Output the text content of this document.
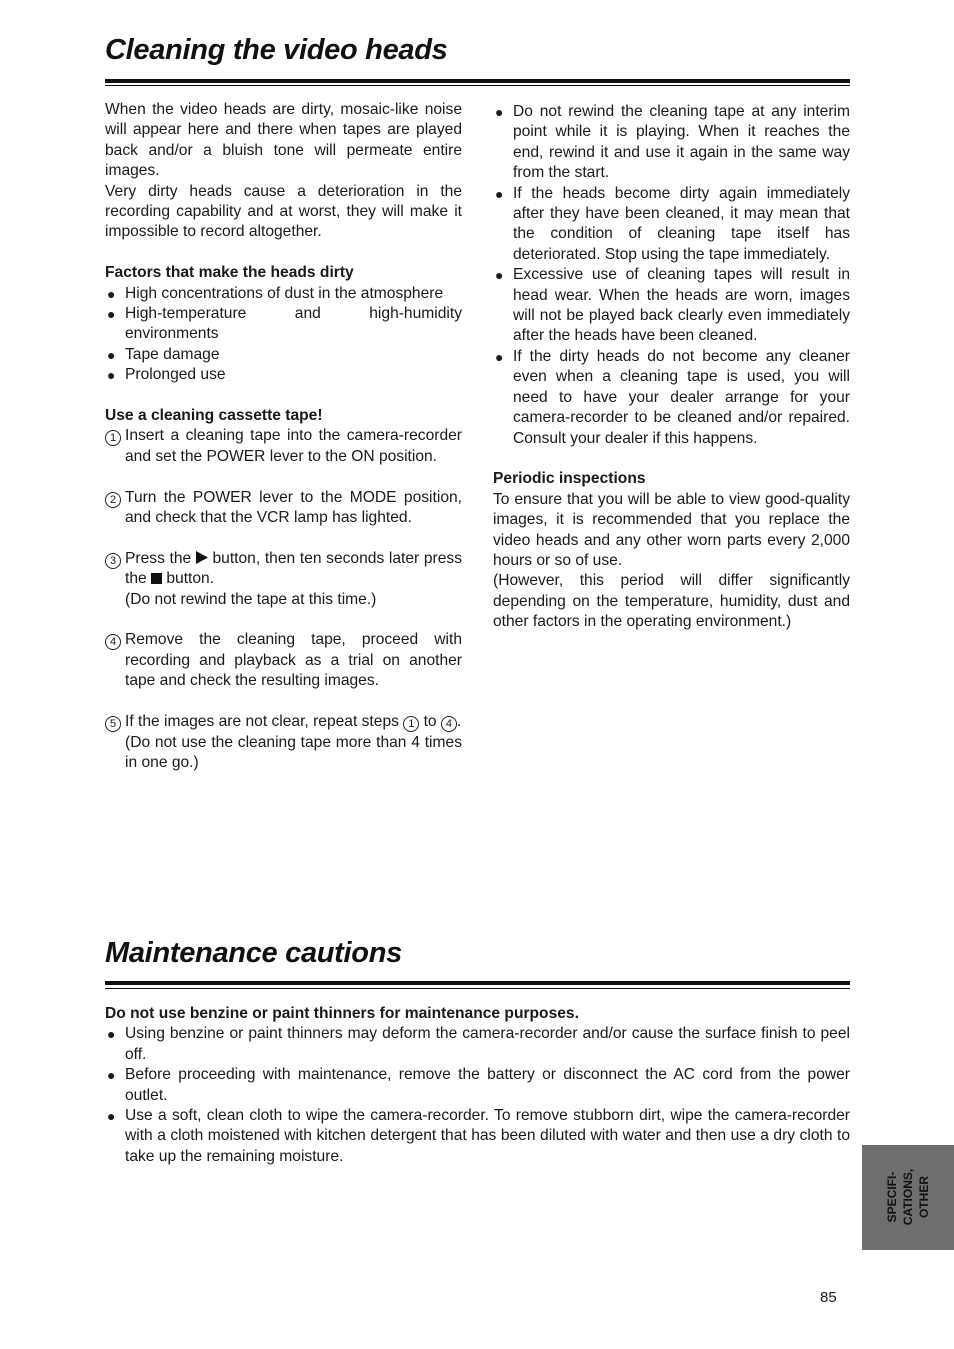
Cleaning the video heads

When the video heads are dirty, mosaic-like noise will appear here and there when tapes are played back and/or a bluish tone will permeate entire images.

Very dirty heads cause a deterioration in the recording capability and at worst, they will make it impossible to record altogether.

Factors that make the heads dirty

● High concentrations of dust in the atmosphere
● High-temperature and high-humidity environments
● Tape damage
● Prolonged use

Use a cleaning cassette tape!

1 Insert a cleaning tape into the camera-recorder and set the POWER lever to the ON position.
2 Turn the POWER lever to the MODE position, and check that the VCR lamp has lighted.
3 Press the  button, then ten seconds later press the  button.

(Do not rewind the tape at this time.)

4 Remove the cleaning tape, proceed with recording and playback as a trial on another tape and check the resulting images.
5 If the images are not clear, repeat steps 1 to 4 .

(Do not use the cleaning tape more than 4 times in one go.)

● Do not rewind the cleaning tape at any interim point while it is playing. When it reaches the end, rewind it and use it again in the same way from the start.
● If the heads become dirty again immediately after they have been cleaned, it may mean that the condition of cleaning tape itself has deteriorated. Stop using the tape immediately.
● Excessive use of cleaning tapes will result in head wear. When the heads are worn, images will not be played back clearly even immediately after the heads have been cleaned.
● If the dirty heads do not become any cleaner even when a cleaning tape is used, you will need to have your dealer arrange for your camera-recorder to be cleaned and/or repaired. Consult your dealer if this happens.

Periodic inspections

To ensure that you will be able to view good-quality images, it is recommended that you replace the video heads and any other worn parts every 2,000 hours or so of use.

(However, this period will differ significantly depending on the temperature, humidity, dust and other factors in the operating environment.)

Maintenance cautions

Do not use benzine or paint thinners for maintenance purposes.

● Using benzine or paint thinners may deform the camera-recorder and/or cause the surface finish to peel off.
● Before proceeding with maintenance, remove the battery or disconnect the AC cord from the power outlet.
● Use a soft, clean cloth to wipe the camera-recorder. To remove stubborn dirt, wipe the camera-recorder with a cloth moistened with kitchen detergent that has been diluted with water and then use a dry cloth to take up the remaining moisture.
SPECIFI- CATIONS, OTHER
85
